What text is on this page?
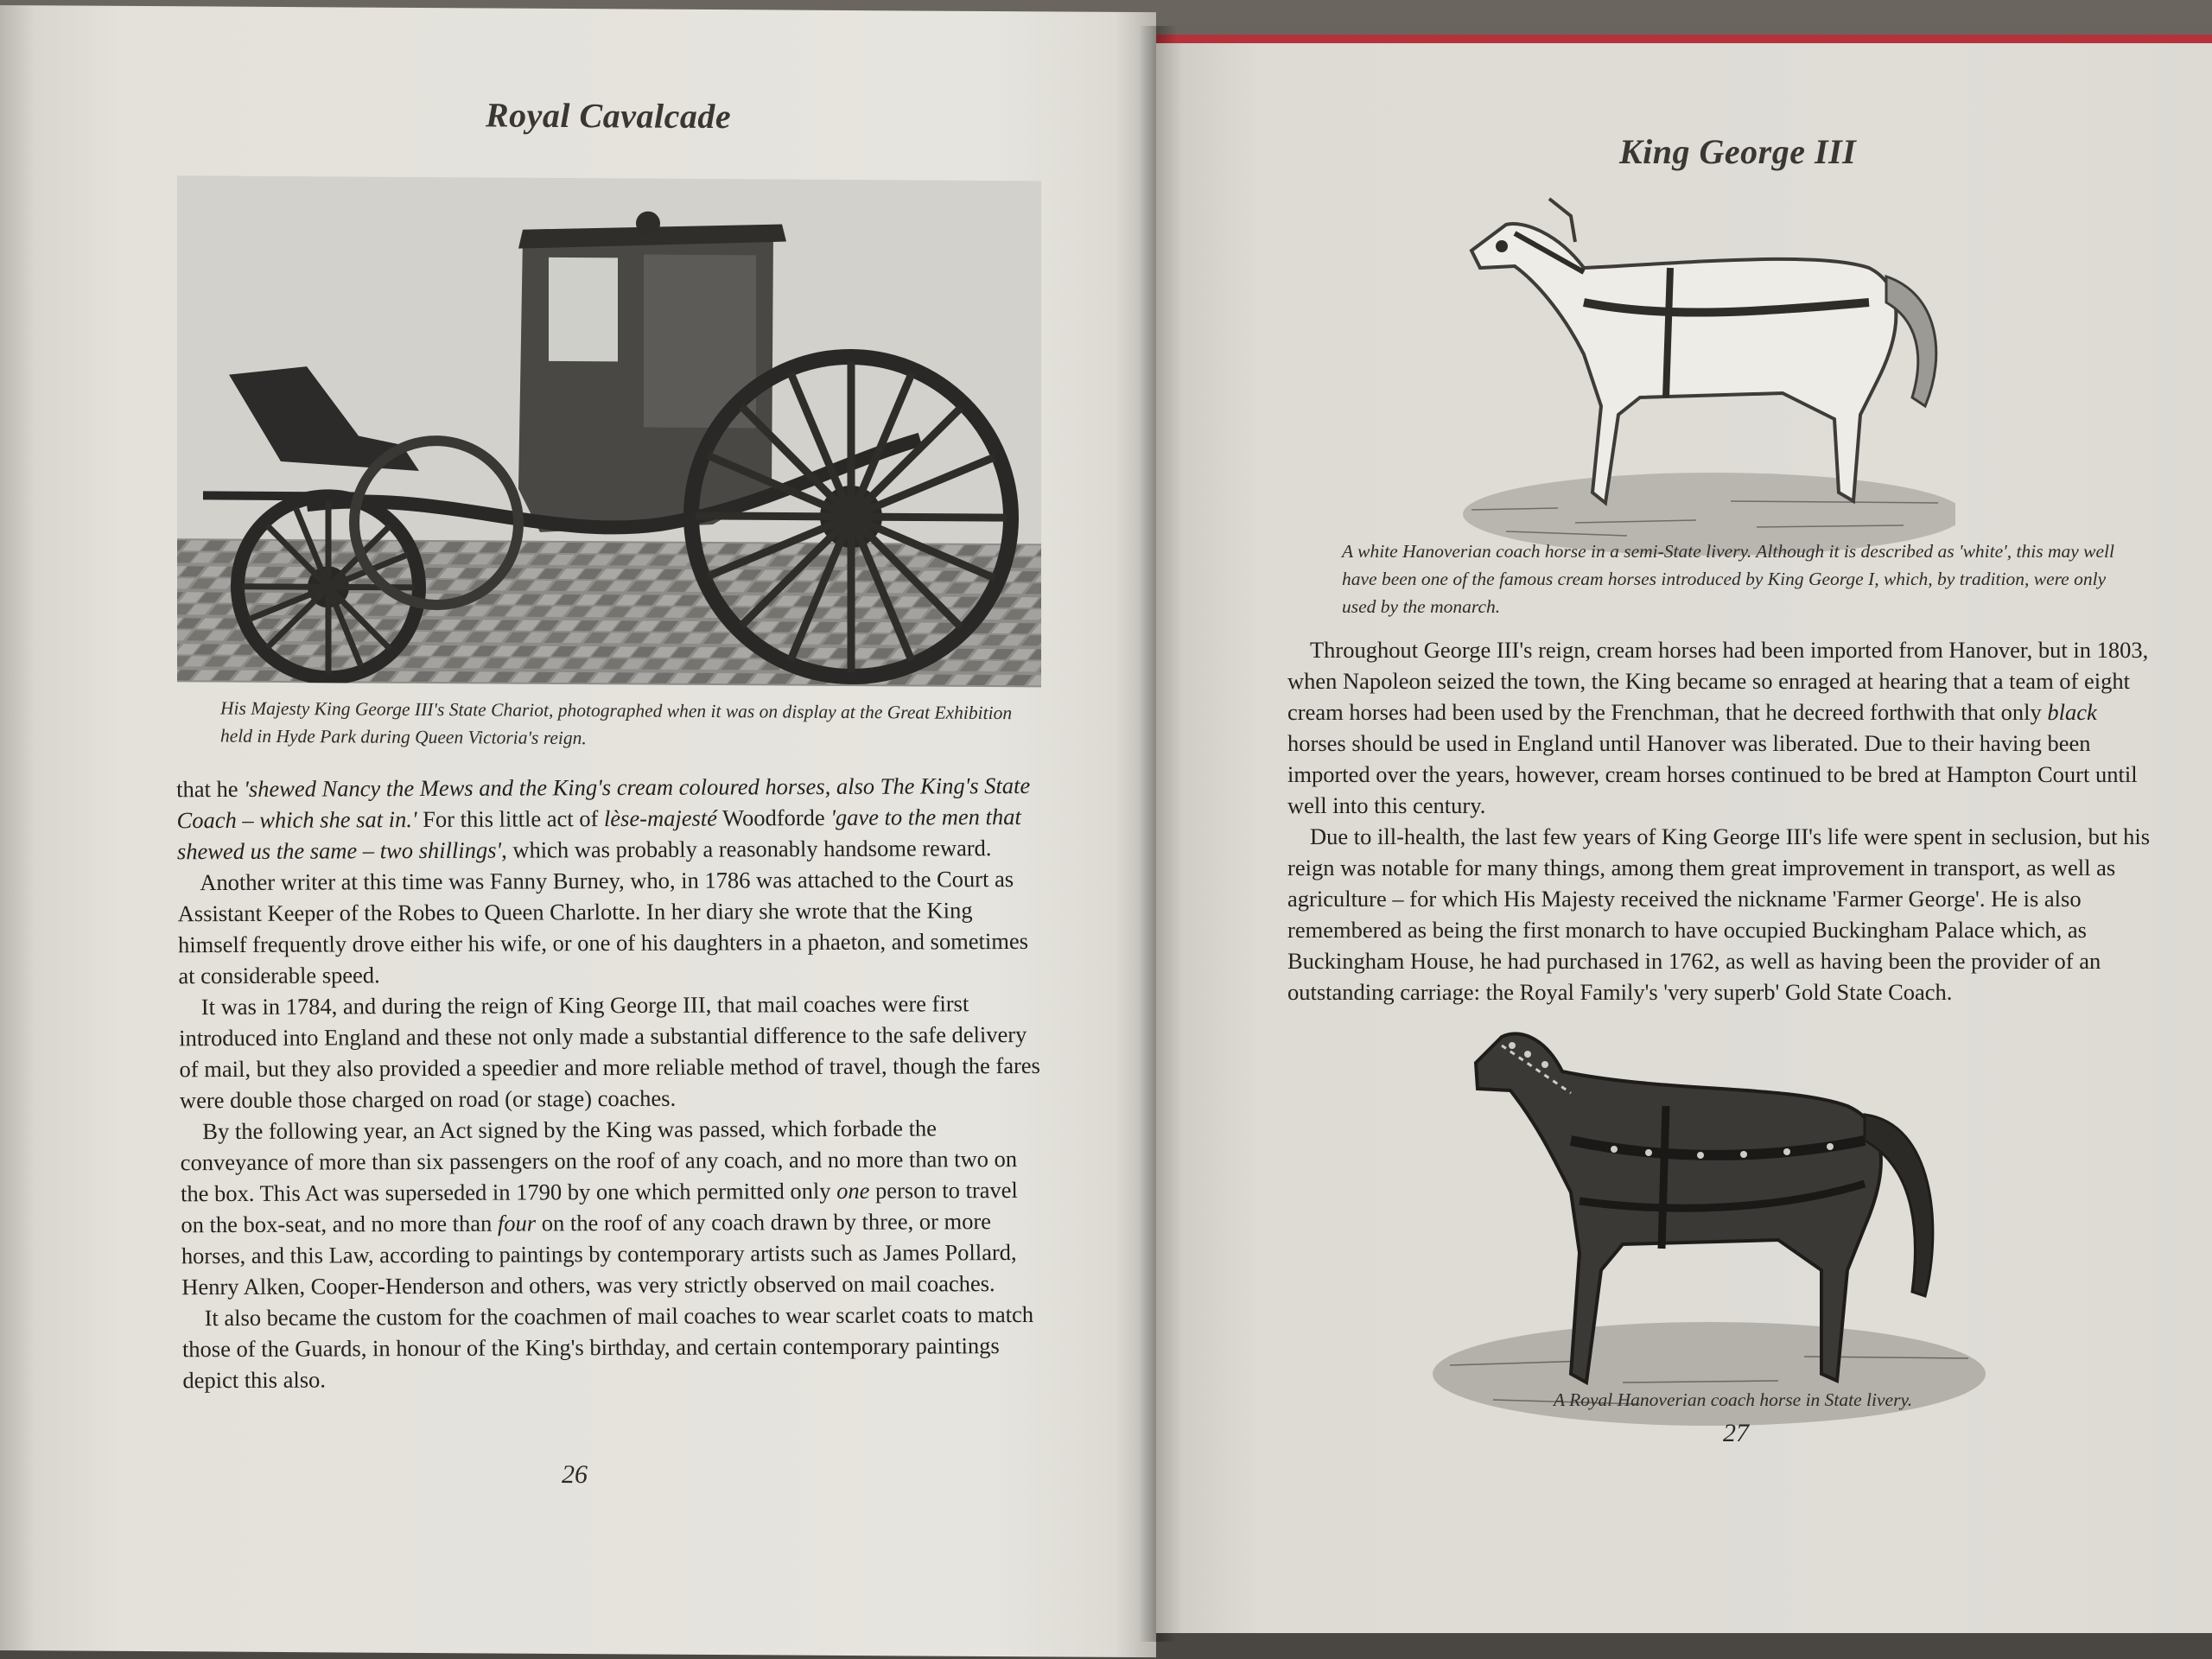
Royal Cavalcade

His Majesty King George III's State Chariot, photographed when it was on display at the Great Exhibition held in Hyde Park during Queen Victoria's reign.

that he 'shewed Nancy the Mews and the King's cream coloured horses, also The King's State Coach – which she sat in.' For this little act of lèse-majesté Woodforde 'gave to the men that shewed us the same – two shillings', which was probably a reasonably handsome reward.

Another writer at this time was Fanny Burney, who, in 1786 was attached to the Court as Assistant Keeper of the Robes to Queen Charlotte. In her diary she wrote that the King himself frequently drove either his wife, or one of his daughters in a phaeton, and sometimes at considerable speed.

It was in 1784, and during the reign of King George III, that mail coaches were first introduced into England and these not only made a substantial difference to the safe delivery of mail, but they also provided a speedier and more reliable method of travel, though the fares were double those charged on road (or stage) coaches.

By the following year, an Act signed by the King was passed, which forbade the conveyance of more than six passengers on the roof of any coach, and no more than two on the box. This Act was superseded in 1790 by one which permitted only one person to travel on the box-seat, and no more than four on the roof of any coach drawn by three, or more horses, and this Law, according to paintings by contemporary artists such as James Pollard, Henry Alken, Cooper-Henderson and others, was very strictly observed on mail coaches.

It also became the custom for the coachmen of mail coaches to wear scarlet coats to match those of the Guards, in honour of the King's birthday, and certain contemporary paintings depict this also.

26
King George III

A white Hanoverian coach horse in a semi-State livery. Although it is described as 'white', this may well have been one of the famous cream horses introduced by King George I, which, by tradition, were only used by the monarch.

Throughout George III's reign, cream horses had been imported from Hanover, but in 1803, when Napoleon seized the town, the King became so enraged at hearing that a team of eight cream horses had been used by the Frenchman, that he decreed forthwith that only black horses should be used in England until Hanover was liberated. Due to their having been imported over the years, however, cream horses continued to be bred at Hampton Court until well into this century.

Due to ill-health, the last few years of King George III's life were spent in seclusion, but his reign was notable for many things, among them great improvement in transport, as well as agriculture – for which His Majesty received the nickname 'Farmer George'. He is also remembered as being the first monarch to have occupied Buckingham Palace which, as Buckingham House, he had purchased in 1762, as well as having been the provider of an outstanding carriage: the Royal Family's 'very superb' Gold State Coach.

A Royal Hanoverian coach horse in State livery.

27
